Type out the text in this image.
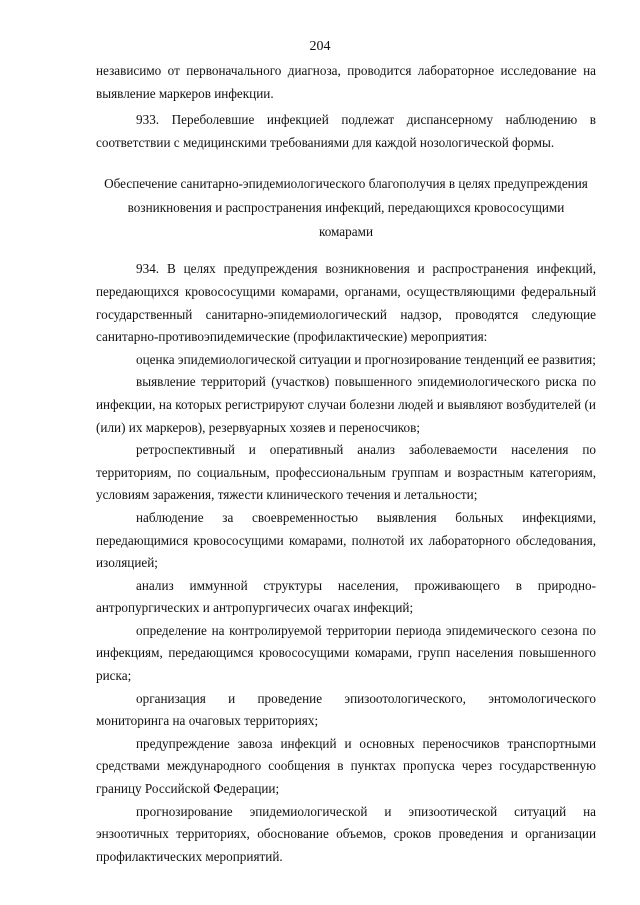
204

независимо от первоначального диагноза, проводится лабораторное исследование на выявление маркеров инфекции.

933. Переболевшие инфекцией подлежат диспансерному наблюдению в соответствии с медицинскими требованиями для каждой нозологической формы.

Обеспечение санитарно-эпидемиологического благополучия в целях предупреждения возникновения и распространения инфекций, передающихся кровососущими комарами

934. В целях предупреждения возникновения и распространения инфекций, передающихся кровососущими комарами, органами, осуществляющими федеральный государственный санитарно-эпидемиологический надзор, проводятся следующие санитарно-противоэпидемические (профилактические) мероприятия:

оценка эпидемиологической ситуации и прогнозирование тенденций ее развития;

выявление территорий (участков) повышенного эпидемиологического риска по инфекции, на которых регистрируют случаи болезни людей и выявляют возбудителей (и (или) их маркеров), резервуарных хозяев и переносчиков;

ретроспективный и оперативный анализ заболеваемости населения по территориям, по социальным, профессиональным группам и возрастным категориям, условиям заражения, тяжести клинического течения и летальности;

наблюдение за своевременностью выявления больных инфекциями, передающимися кровососущими комарами, полнотой их лабораторного обследования, изоляцией;

анализ иммунной структуры населения, проживающего в природно-антропургических и антропургичесих очагах инфекций;

определение на контролируемой территории периода эпидемического сезона по инфекциям, передающимся кровососущими комарами, групп населения повышенного риска;

организация и проведение эпизоотологического, энтомологического мониторинга на очаговых территориях;

предупреждение завоза инфекций и основных переносчиков транспортными средствами международного сообщения в пунктах пропуска через государственную границу Российской Федерации;

прогнозирование эпидемиологической и эпизоотической ситуаций на энзоотичных территориях, обоснование объемов, сроков проведения и организации профилактических мероприятий.
